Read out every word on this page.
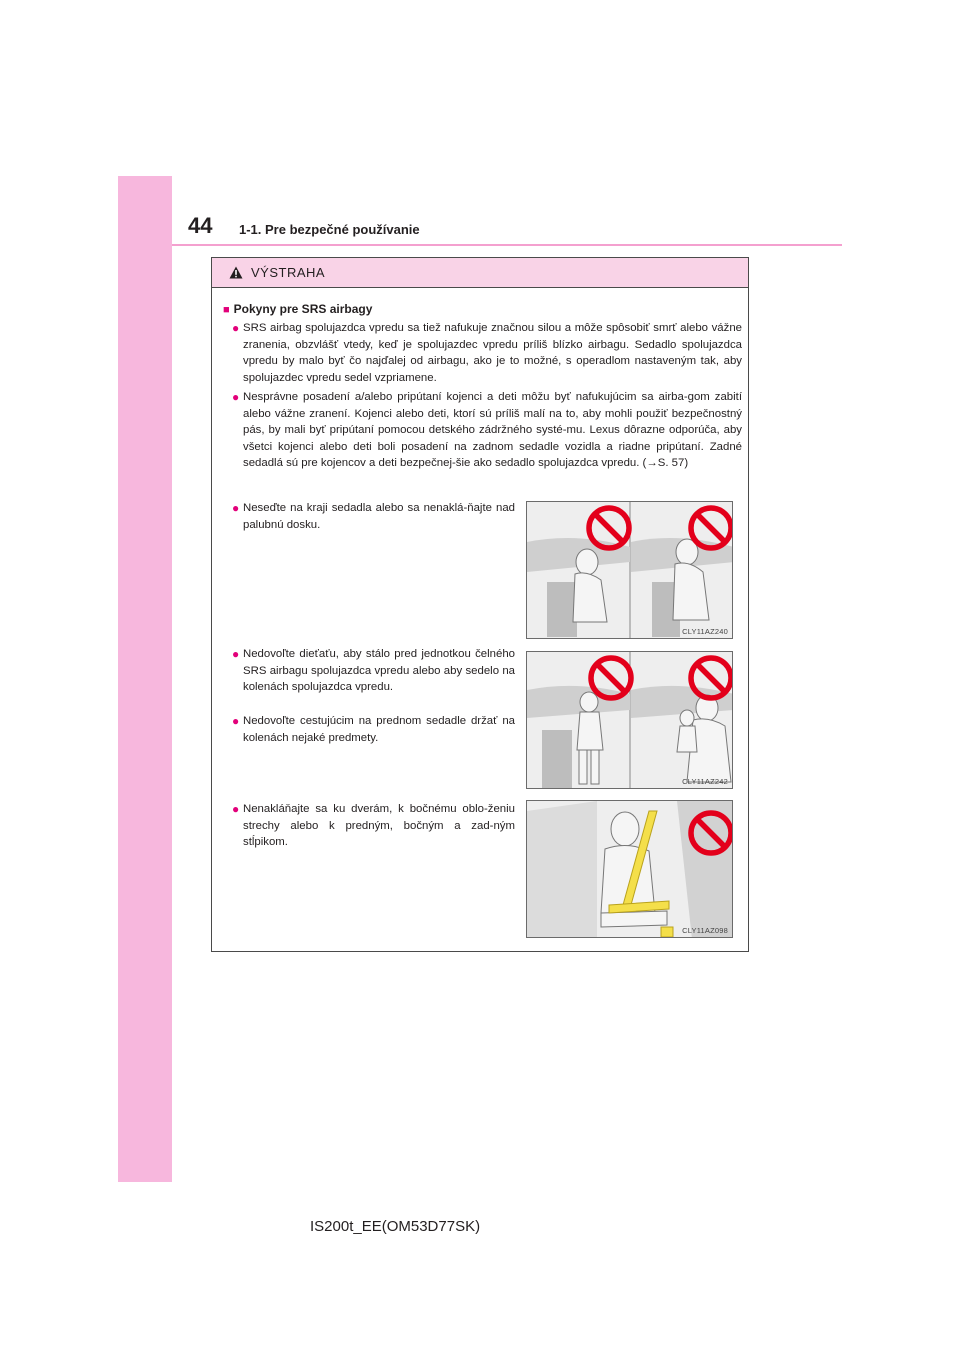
44 1-1. Pre bezpečné používanie
VÝSTRAHA
■ Pokyny pre SRS airbagy
● SRS airbag spolujazdca vpredu sa tiež nafukuje značnou silou a môže spôsobiť smrť alebo vážne zranenia, obzvlášť vtedy, keď je spolujazdec vpredu príliš blízko airbagu. Sedadlo spolujazdca vpredu by malo byť čo najďalej od airbagu, ako je to možné, s operadlom nastaveným tak, aby spolujazdec vpredu sedel vzpriamene.
● Nesprávne posadení a/alebo pripútaní kojenci a deti môžu byť nafukujúcim sa airba-gom zabití alebo vážne zranení. Kojenci alebo deti, ktorí sú príliš malí na to, aby mohli použiť bezpečnostný pás, by mali byť pripútaní pomocou detského zádržného systé-mu. Lexus dôrazne odporúča, aby všetci kojenci alebo deti boli posadení na zadnom sedadle vozidla a riadne pripútaní. Zadné sedadlá sú pre kojencov a deti bezpečnej-šie ako sedadlo spolujazdca vpredu. (→S. 57)
● Neseďte na kraji sedadla alebo sa nenaklá-ňajte nad palubnú dosku.
● Nedovoľte dieťaťu, aby stálo pred jednotkou čelného SRS airbagu spolujazdca vpredu alebo aby sedelo na kolenách spolujazdca vpredu.
● Nedovoľte cestujúcim na prednom sedadle držať na kolenách nejaké predmety.
● Nenakláňajte sa ku dverám, k bočnému oblo-ženiu strechy alebo k predným, bočným a zad-ným stĺpikom.
CLY11AZ240
CLY11AZ242
CLY11AZ098
IS200t_EE(OM53D77SK)
